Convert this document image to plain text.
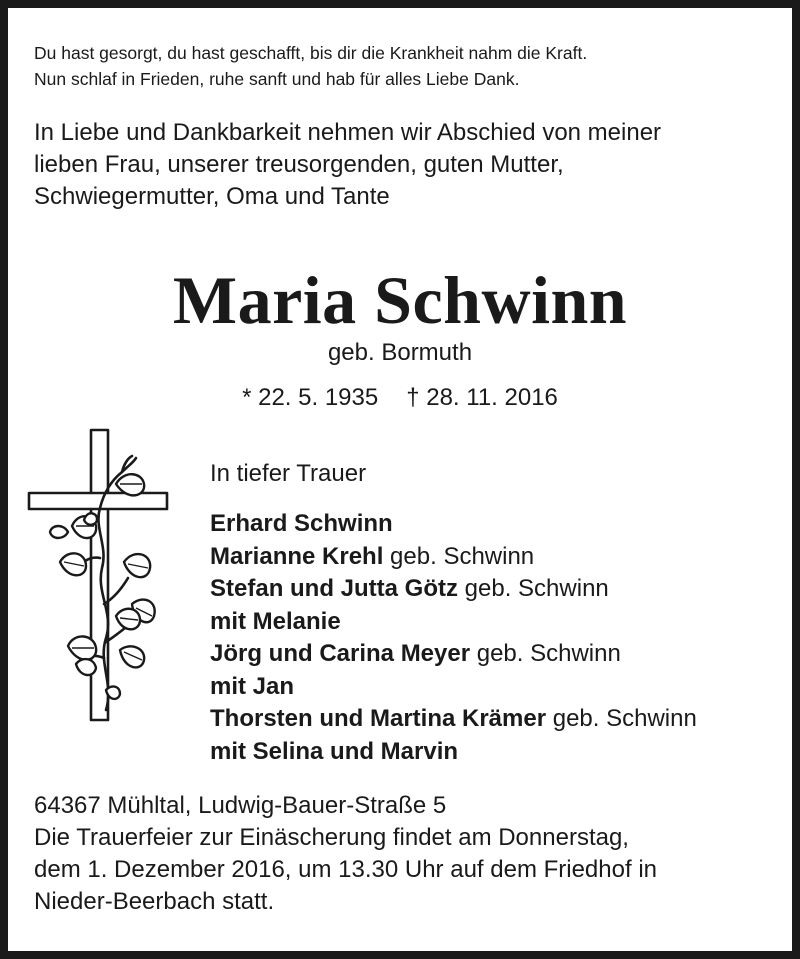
Du hast gesorgt, du hast geschafft, bis dir die Krankheit nahm die Kraft.
Nun schlaf in Frieden, ruhe sanft und hab für alles Liebe Dank.
In Liebe und Dankbarkeit nehmen wir Abschied von meiner
lieben Frau, unserer treusorgenden, guten Mutter,
Schwiegermutter, Oma und Tante
Maria Schwinn
geb. Bormuth
* 22. 5. 1935 † 28. 11. 2016
In tiefer Trauer
Erhard Schwinn
Marianne Krehl geb. Schwinn
Stefan und Jutta Götz geb. Schwinn
mit Melanie
Jörg und Carina Meyer geb. Schwinn
mit Jan
Thorsten und Martina Krämer geb. Schwinn
mit Selina und Marvin
64367 Mühltal, Ludwig-Bauer-Straße 5
Die Trauerfeier zur Einäscherung findet am Donnerstag,
dem 1. Dezember 2016, um 13.30 Uhr auf dem Friedhof in
Nieder-Beerbach statt.
